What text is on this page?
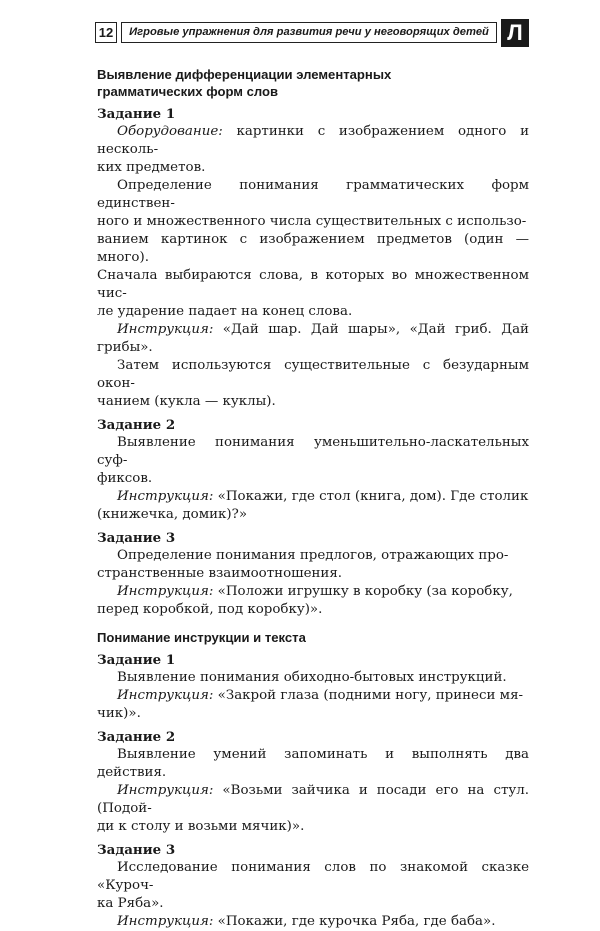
12	Игровые упражнения для развития речи у неговорящих детей Л
Выявление дифференциации элементарных
грамматических форм слов
Задание 1

Оборудование: картинки с изображением одного и несколь-
ких предметов.

Определение понимания грамматических форм единствен-
ного и множественного числа существительных с использо-
ванием картинок с изображением предметов (один — много).
Сначала выбираются слова, в которых во множественном чис-
ле ударение падает на конец слова.

Инструкция: «Дай шар. Дай шары», «Дай гриб. Дай грибы».

Затем используются существительные с безударным окон-
чанием (кукла — куклы).

Задание 2

Выявление понимания уменьшительно-ласкательных суф-
фиксов.

Инструкция: «Покажи, где стол (книга, дом). Где столик
(книжечка, домик)?»

Задание 3

Определение понимания предлогов, отражающих про-
странственные взаимоотношения.

Инструкция: «Положи игрушку в коробку (за коробку,
перед коробкой, под коробку)».

Понимание инструкции и текста
Задание 1

Выявление понимания обиходно-бытовых инструкций.

Инструкция: «Закрой глаза (подними ногу, принеси мя-
чик)».

Задание 2

Выявление умений запоминать и выполнять два действия.

Инструкция: «Возьми зайчика и посади его на стул. (Подой-
ди к столу и возьми мячик)».

Задание 3

Исследование понимания слов по знакомой сказке «Куроч-
ка Ряба».

Инструкция: «Покажи, где курочка Ряба, где баба».
